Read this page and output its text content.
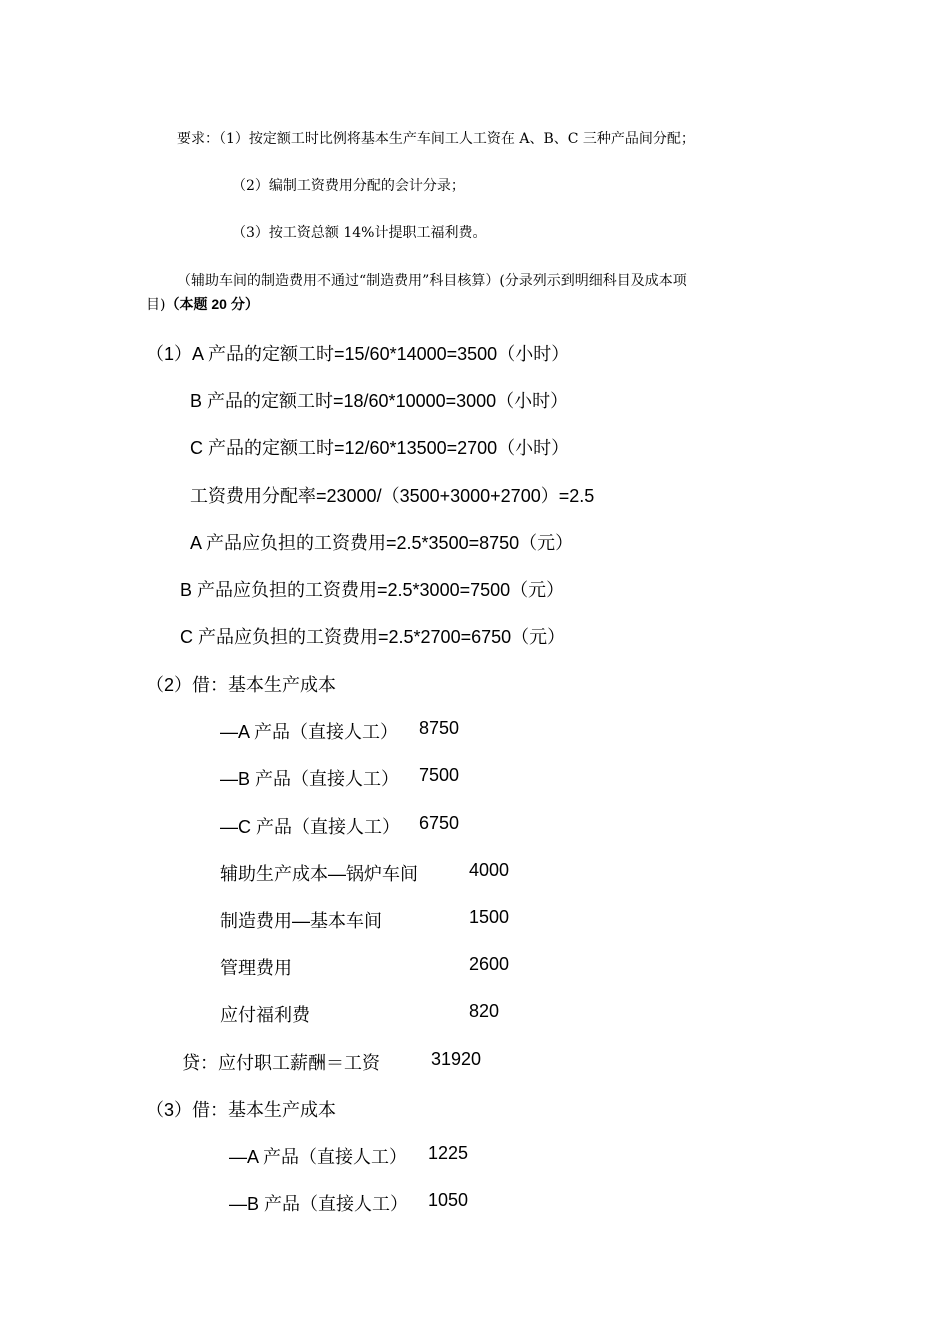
要求：（1）按定额工时比例将基本生产车间工人工资在 A、B、C 三种产品间分配；
（2）编制工资费用分配的会计分录；
（3）按工资总额 14%计提职工福利费。
（辅助车间的制造费用不通过“制造费用”科目核算）(分录列示到明细科目及成本项
目)（本题 20 分）
（1）A 产品的定额工时=15/60*14000=3500（小时）
B 产品的定额工时=18/60*10000=3000（小时）
C 产品的定额工时=12/60*13500=2700（小时）
工资费用分配率=23000/（3500+3000+2700）=2.5
A 产品应负担的工资费用=2.5*3500=8750（元）
B 产品应负担的工资费用=2.5*3000=7500（元）
C 产品应负担的工资费用=2.5*2700=6750（元）
（2）借：基本生产成本
—A 产品（直接人工） 8750
—B 产品（直接人工） 7500
—C 产品（直接人工） 6750
辅助生产成本—锅炉车间	4000
制造费用—基本车间	1500
管理费用	2600
应付福利费	820
贷：应付职工薪酬＝工资	31920
（3）借：基本生产成本
—A 产品（直接人工） 1225
—B 产品（直接人工） 1050
